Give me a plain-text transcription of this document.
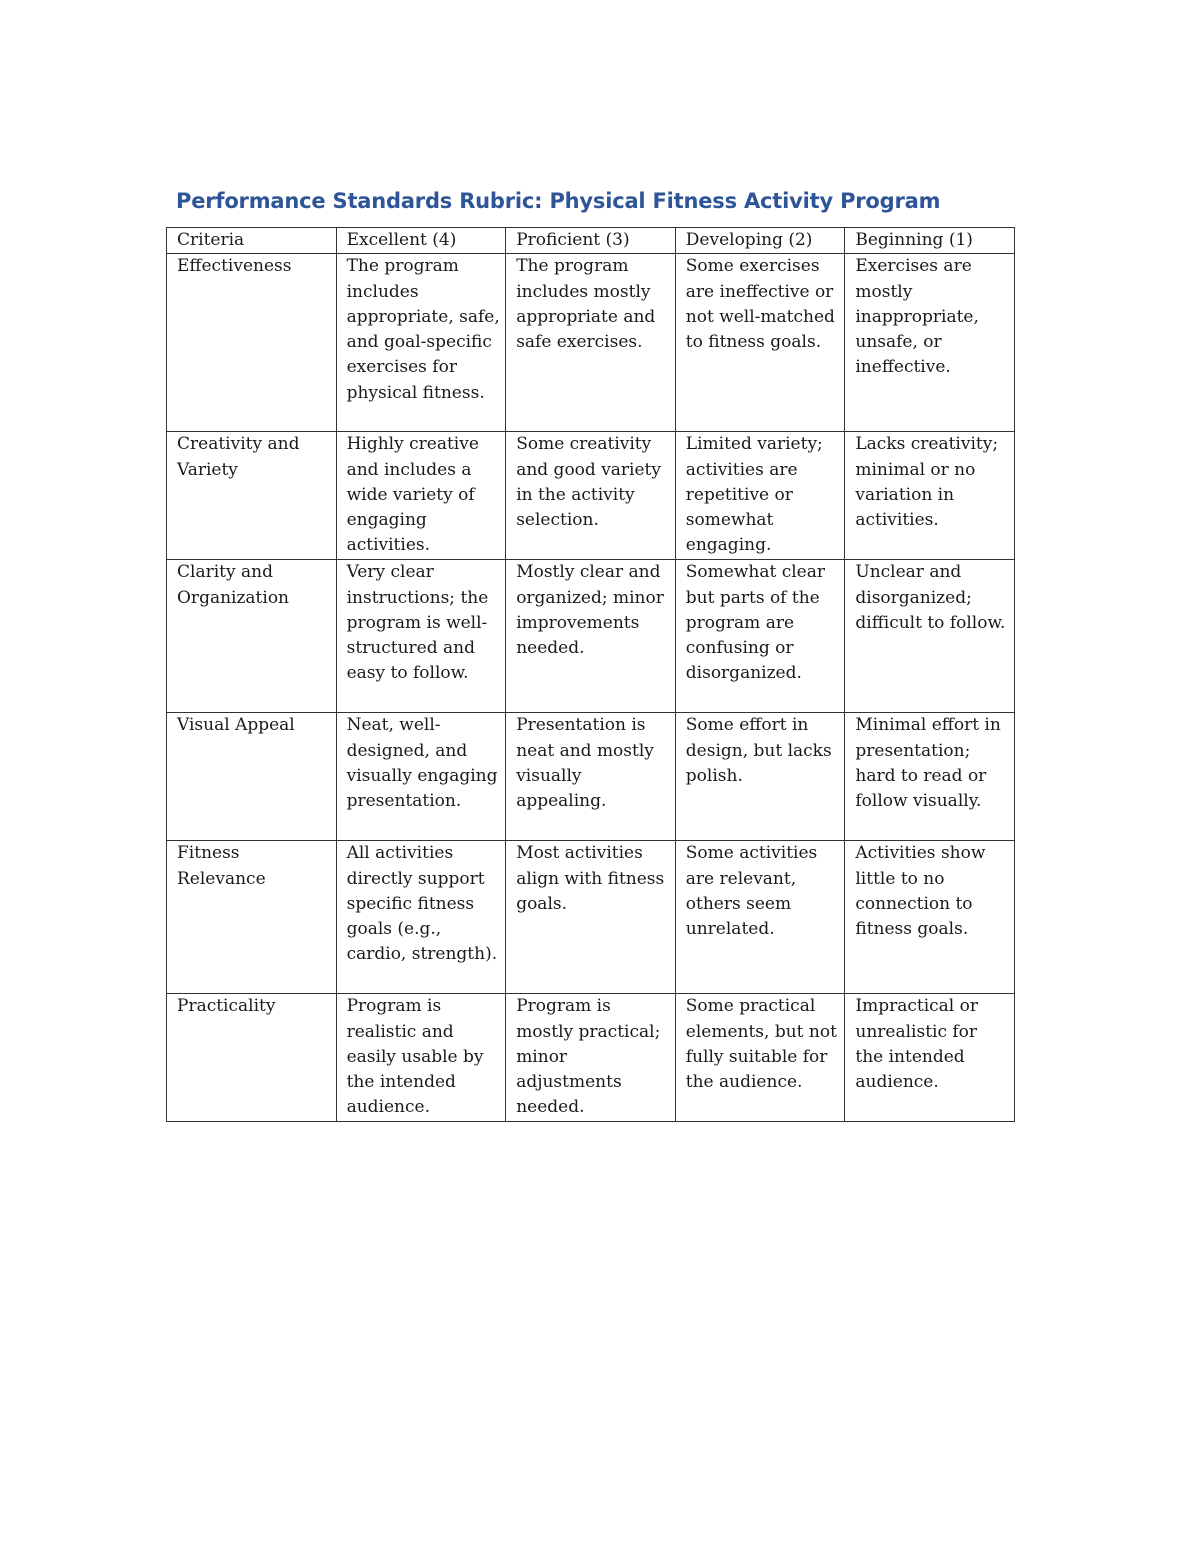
Performance Standards Rubric: Physical Fitness Activity Program
Criteria	Excellent (4)	Proficient (3)	Developing (2)	Beginning (1)
Effectiveness	The program includes appropriate, safe, and goal-specific exercises for physical fitness.	The program includes mostly appropriate and safe exercises.	Some exercises are ineffective or not well-matched to fitness goals.	Exercises are mostly inappropriate, unsafe, or ineffective.
Creativity and Variety	Highly creative and includes a wide variety of engaging activities.	Some creativity and good variety in the activity selection.	Limited variety; activities are repetitive or somewhat engaging.	Lacks creativity; minimal or no variation in activities.
Clarity and Organization	Very clear instructions; the program is well-structured and easy to follow.	Mostly clear and organized; minor improvements needed.	Somewhat clear but parts of the program are confusing or disorganized.	Unclear and disorganized; difficult to follow.
Visual Appeal	Neat, well-designed, and visually engaging presentation.	Presentation is neat and mostly visually appealing.	Some effort in design, but lacks polish.	Minimal effort in presentation; hard to read or follow visually.
Fitness Relevance	All activities directly support specific fitness goals (e.g., cardio, strength).	Most activities align with fitness goals.	Some activities are relevant, others seem unrelated.	Activities show little to no connection to fitness goals.
Practicality	Program is realistic and easily usable by the intended audience.	Program is mostly practical; minor adjustments needed.	Some practical elements, but not fully suitable for the audience.	Impractical or unrealistic for the intended audience.
